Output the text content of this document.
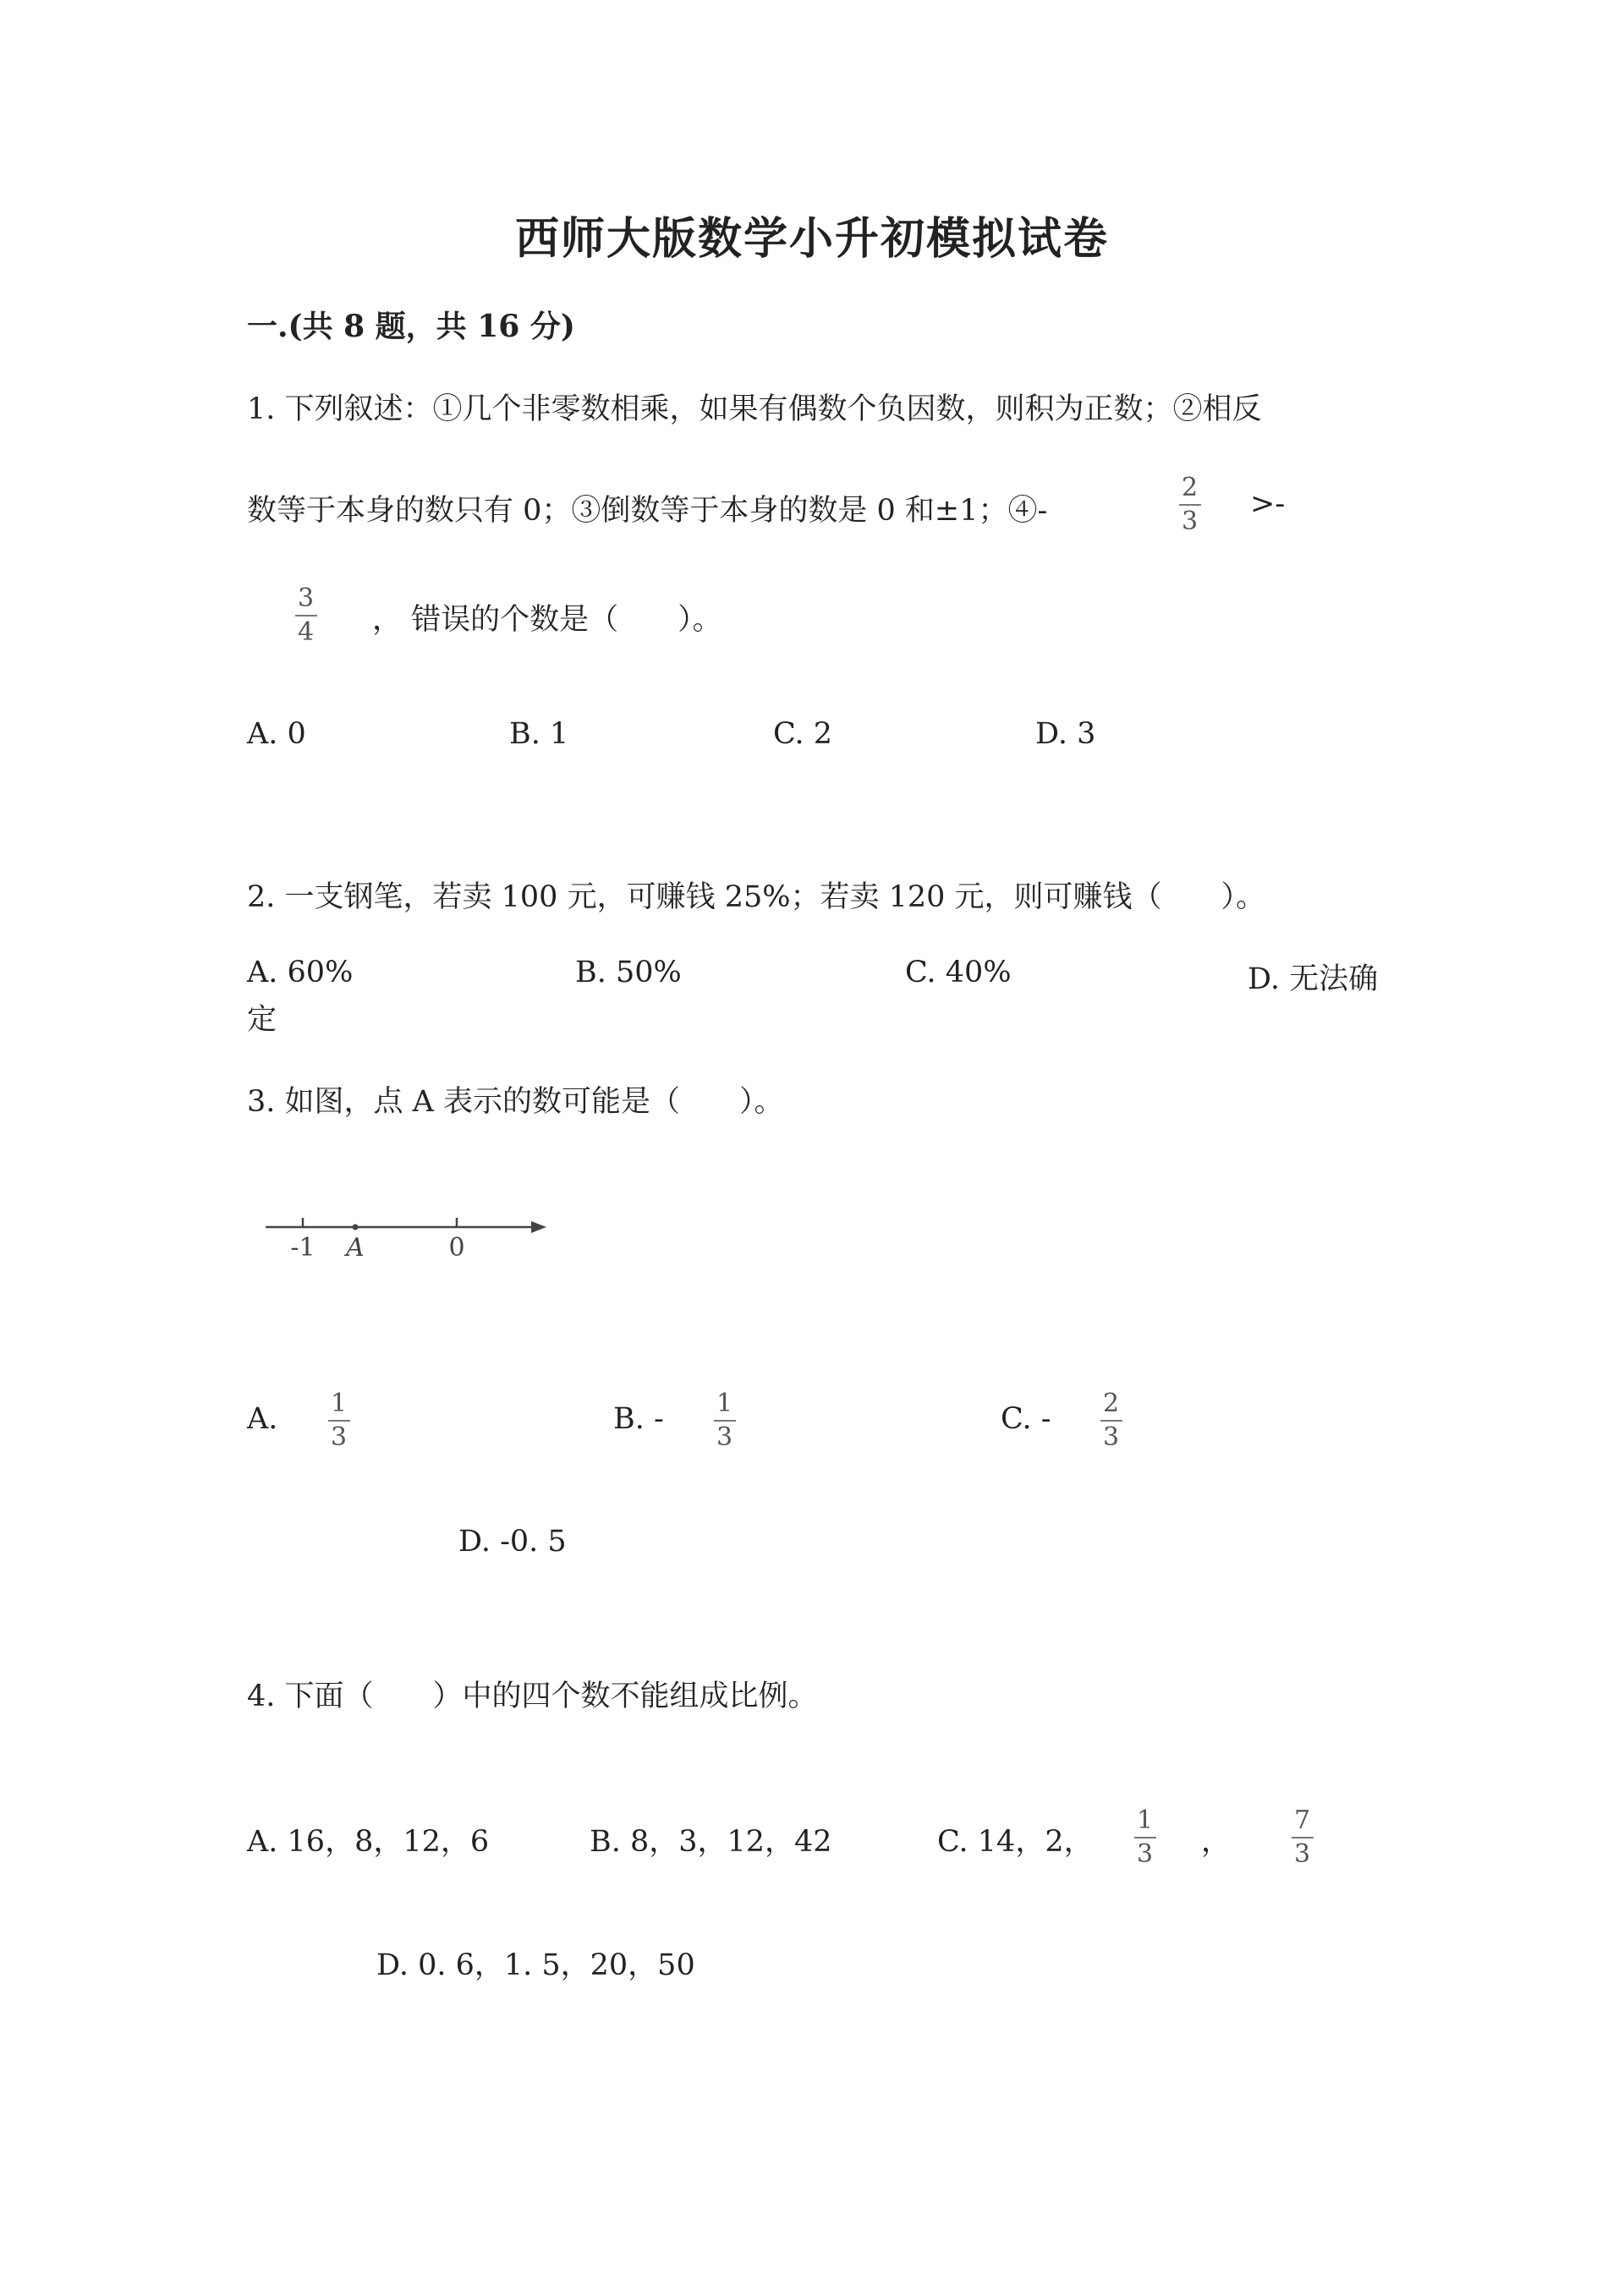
西师大版数学小升初模拟试卷
一.(共 8 题，共 16 分)
1. 下列叙述：①几个非零数相乘，如果有偶数个负因数，则积为正数；②相反
数等于本身的数只有 0；③倒数等于本身的数是 0 和±1；④-
2
3
>-
3
4 ， 错误的个数是（　　）。
A. 0	B. 1	C. 2	D. 3
2. 一支钢笔，若卖 100 元，可赚钱 25%；若卖 120 元，则可赚钱（　　）。
A. 60%	B. 50%	C. 40%	D. 无法确
定
3. 如图，点 A 表示的数可能是（　　）。
-1 A	0
A. 1
3
B. - 1
3
C. - 2
3
D. -0. 5
4. 下面（　　）中的四个数不能组成比例。
A. 16，8，12，6	B. 8，3，12，42	C. 14，2，
1
3 ，
7
3
D. 0. 6，1. 5，20，50
